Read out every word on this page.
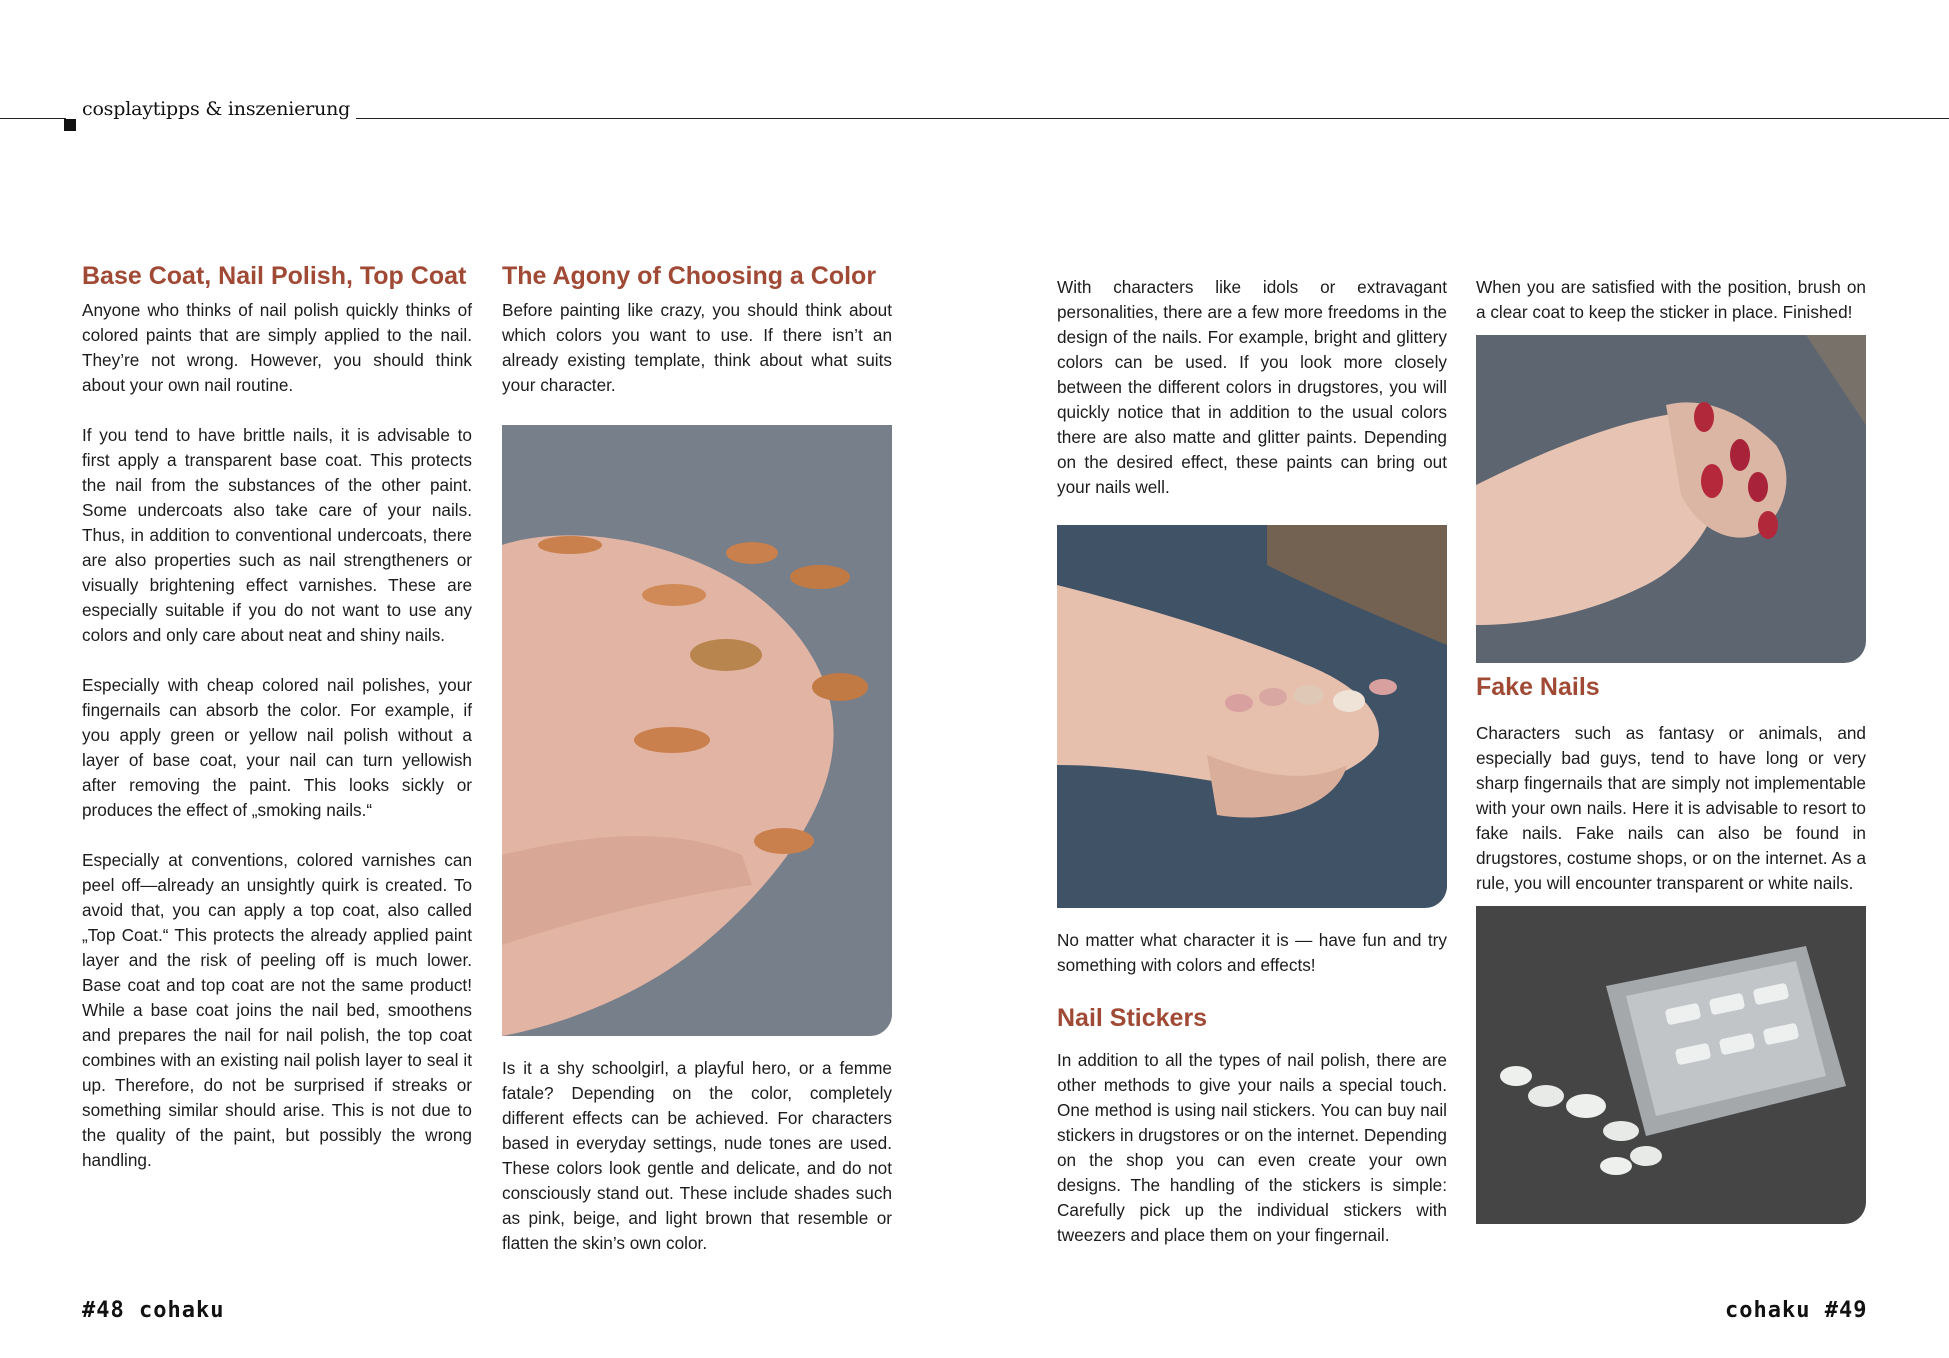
cosplaytipps & inszenierung
Base Coat, Nail Polish, Top Coat

Anyone who thinks of nail polish quickly thinks of colored paints that are simply applied to the nail. They’re not wrong. However, you should think about your own nail routine.

If you tend to have brittle nails, it is advisable to first apply a transparent base coat. This protects the nail from the substances of the other paint. Some undercoats also take care of your nails. Thus, in addition to conventional undercoats, there are also properties such as nail strengtheners or visually brightening effect varnishes. These are especially suitable if you do not want to use any colors and only care about neat and shiny nails.

Especially with cheap colored nail polishes, your fingernails can absorb the color. For example, if you apply green or yellow nail polish without a layer of base coat, your nail can turn yellowish after removing the paint. This looks sickly or produces the effect of „smoking nails.“

Especially at conventions, colored varnishes can peel off—already an unsightly quirk is created. To avoid that, you can apply a top coat, also called „Top Coat.“ This protects the already applied paint layer and the risk of peeling off is much lower. Base coat and top coat are not the same product! While a base coat joins the nail bed, smoothens and prepares the nail for nail polish, the top coat combines with an existing nail polish layer to seal it up. Therefore, do not be surprised if streaks or something similar should arise. This is not due to the quality of the paint, but possibly the wrong handling.

The Agony of Choosing a Color

Before painting like crazy, you should think about which colors you want to use. If there isn’t an already existing template, think about what suits your character.

Is it a shy schoolgirl, a playful hero, or a femme fatale? Depending on the color, completely different effects can be achieved. For characters based in everyday settings, nude tones are used. These colors look gentle and delicate, and do not consciously stand out. These include shades such as pink, beige, and light brown that resemble or flatten the skin’s own color.

With characters like idols or extravagant personalities, there are a few more freedoms in the design of the nails. For example, bright and glittery colors can be used. If you look more closely between the different colors in drugstores, you will quickly notice that in addition to the usual colors there are also matte and glitter paints. Depending on the desired effect, these paints can bring out your nails well.

No matter what character it is — have fun and try something with colors and effects!

Nail Stickers

In addition to all the types of nail polish, there are other methods to give your nails a special touch. One method is using nail stickers. You can buy nail stickers in drugstores or on the internet. Depending on the shop you can even create your own designs. The handling of the stickers is simple: Carefully pick up the individual stickers with tweezers and place them on your fingernail.

When you are satisfied with the position, brush on a clear coat to keep the sticker in place. Finished!

Fake Nails

Characters such as fantasy or animals, and especially bad guys, tend to have long or very sharp fingernails that are simply not implementable with your own nails. Here it is advisable to resort to fake nails. Fake nails can also be found in drugstores, costume shops, or on the internet. As a rule, you will encounter transparent or white nails.

#48 cohaku	cohaku #49
